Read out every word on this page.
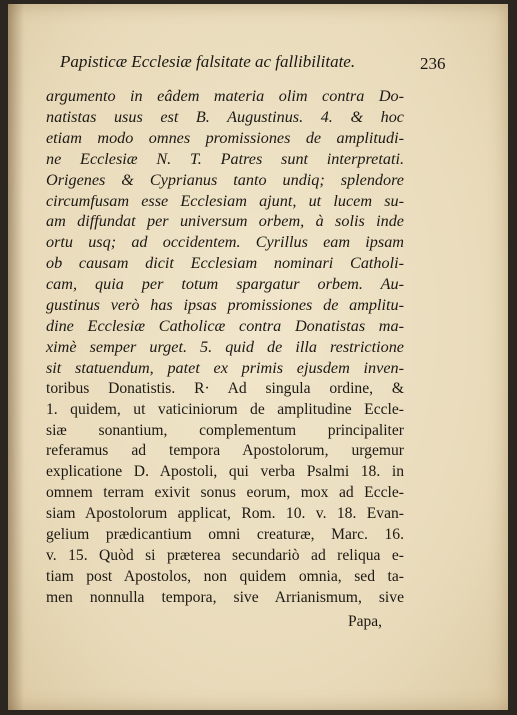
Papisticæ Ecclesiæ falsitate ac fallibilitate.	236
argumento in eâdem materia olim contra Do-
natistas usus est B. Augustinus. 4. & hoc
etiam modo omnes promissiones de amplitudi-
ne Ecclesiæ N. T. Patres sunt interpretati.
Origenes & Cyprianus tanto undiq; splendore
circumfusam esse Ecclesiam ajunt, ut lucem su-
am diffundat per universum orbem, à solis inde
ortu usq; ad occidentem. Cyrillus eam ipsam
ob causam dicit Ecclesiam nominari Catholi-
cam, quia per totum spargatur orbem. Au-
gustinus verò has ipsas promissiones de amplitu-
dine Ecclesiæ Catholicæ contra Donatistas ma-
ximè semper urget. 5. quid de illa restrictione
sit statuendum, patet ex primis ejusdem inven-
toribus Donatistis. R· Ad singula ordine, &
1. quidem, ut vaticiniorum de amplitudine Eccle-
siæ sonantium, complementum principaliter
referamus ad tempora Apostolorum, urgemur
explicatione D. Apostoli, qui verba Psalmi 18. in
omnem terram exivit sonus eorum, mox ad Eccle-
siam Apostolorum applicat, Rom. 10. v. 18. Evan-
gelium prædicantium omni creaturæ, Marc. 16.
v. 15. Quòd si præterea secundariò ad reliqua e-
tiam post Apostolos, non quidem omnia, sed ta-
men nonnulla tempora, sive Arrianismum, sive
Papa,
